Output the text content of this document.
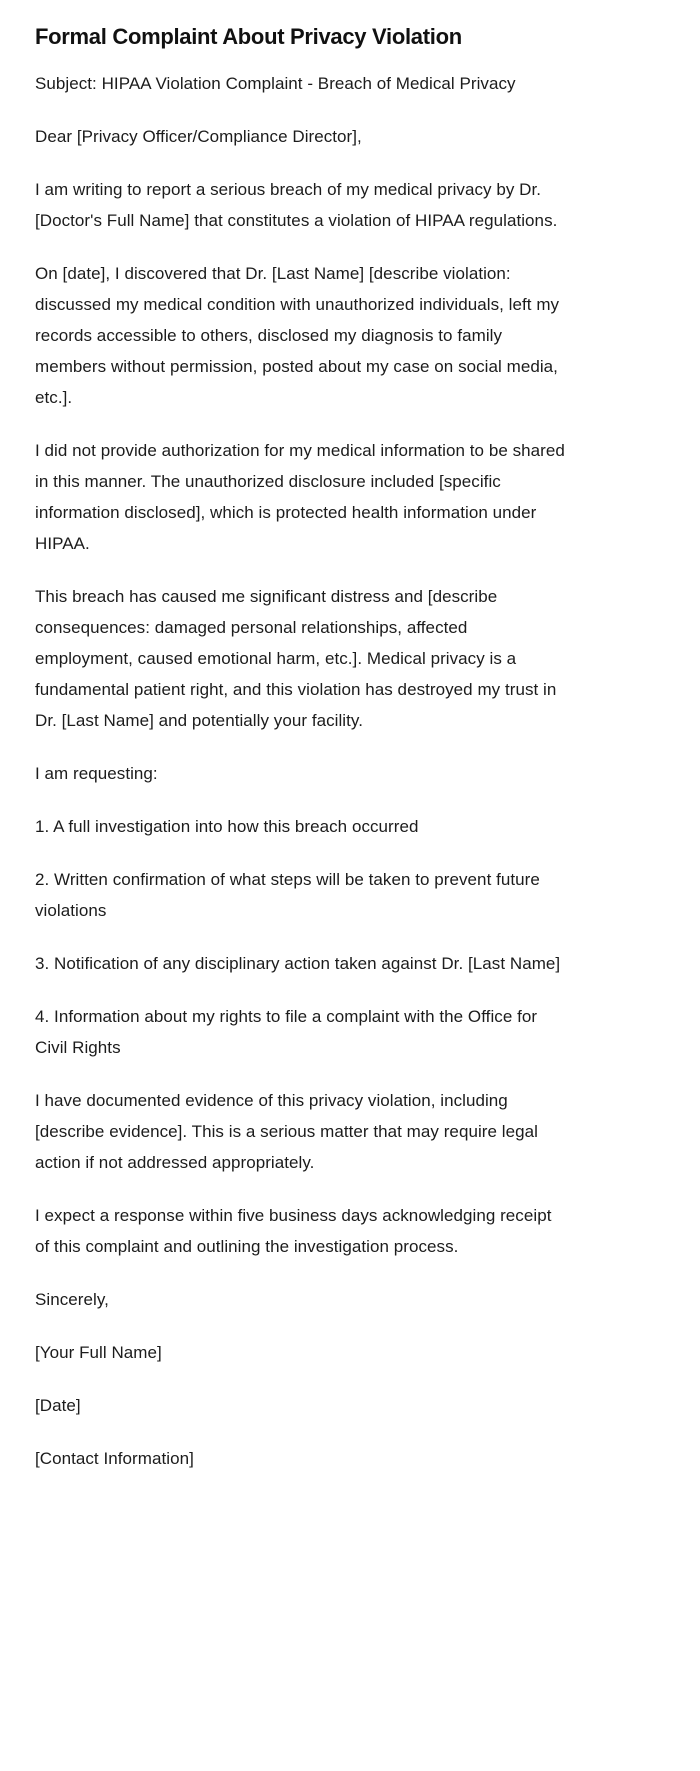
Formal Complaint About Privacy Violation

Subject: HIPAA Violation Complaint - Breach of Medical Privacy

Dear [Privacy Officer/Compliance Director],

I am writing to report a serious breach of my medical privacy by Dr. [Doctor's Full Name] that constitutes a violation of HIPAA regulations.

On [date], I discovered that Dr. [Last Name] [describe violation: discussed my medical condition with unauthorized individuals, left my records accessible to others, disclosed my diagnosis to family members without permission, posted about my case on social media, etc.].

I did not provide authorization for my medical information to be shared in this manner. The unauthorized disclosure included [specific information disclosed], which is protected health information under HIPAA.

This breach has caused me significant distress and [describe consequences: damaged personal relationships, affected employment, caused emotional harm, etc.]. Medical privacy is a fundamental patient right, and this violation has destroyed my trust in Dr. [Last Name] and potentially your facility.

I am requesting:

1. A full investigation into how this breach occurred

2. Written confirmation of what steps will be taken to prevent future violations

3. Notification of any disciplinary action taken against Dr. [Last Name]

4. Information about my rights to file a complaint with the Office for Civil Rights

I have documented evidence of this privacy violation, including [describe evidence]. This is a serious matter that may require legal action if not addressed appropriately.

I expect a response within five business days acknowledging receipt of this complaint and outlining the investigation process.

Sincerely,

[Your Full Name]

[Date]

[Contact Information]
